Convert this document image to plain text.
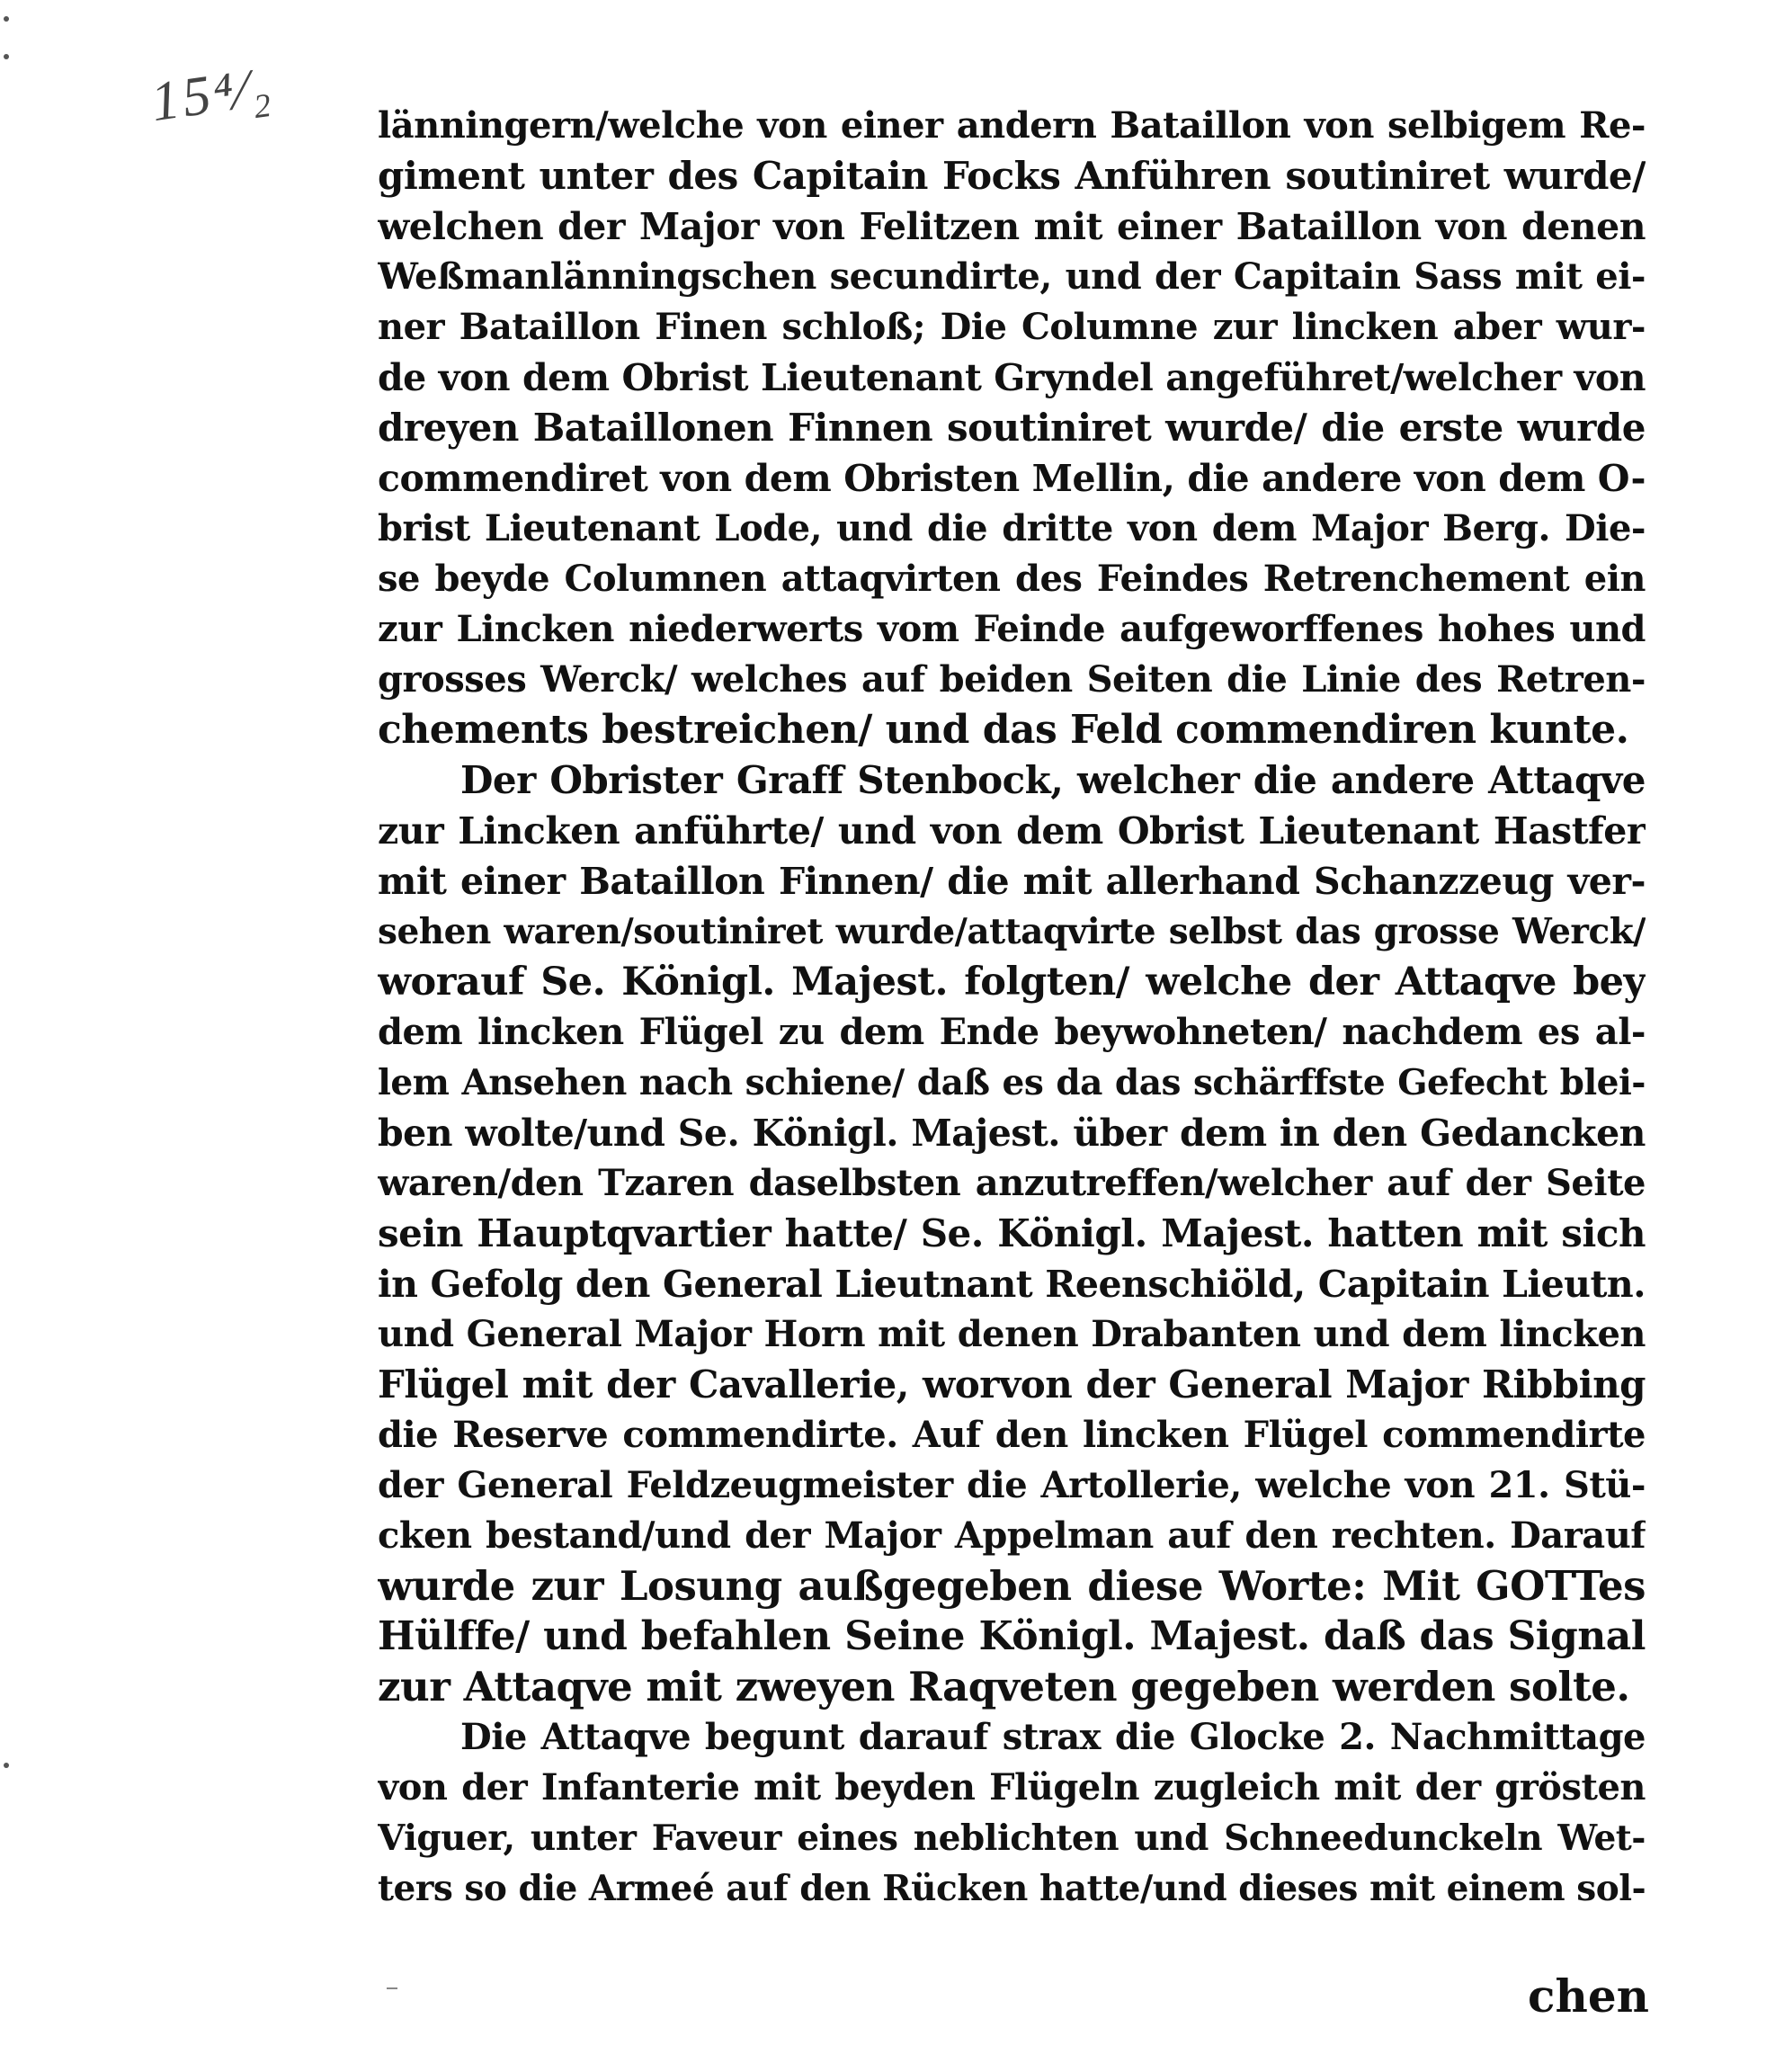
15⁴⁄₂	länningern/welche von einer andern Bataillon von selbigem Re-
giment unter des Capitain Focks Anführen soutiniret wurde/
welchen der Major von Felitzen mit einer Bataillon von denen
Weßmanlänningschen secundirte, und der Capitain Sass mit ei-
ner Bataillon Finen schloß; Die Columne zur lincken aber wur-
de von dem Obrist Lieutenant Gryndel angeführet/welcher von
dreyen Bataillonen Finnen soutiniret wurde/ die erste wurde
commendiret von dem Obristen Mellin, die andere von dem O-
brist Lieutenant Lode, und die dritte von dem Major Berg. Die-
se beyde Columnen attaqvirten des Feindes Retrenchement ein
zur Lincken niederwerts vom Feinde aufgeworffenes hohes und
grosses Werck/ welches auf beiden Seiten die Linie des Retren-
chements bestreichen/ und das Feld commendiren kunte.
Der Obrister Graff Stenbock, welcher die andere Attaqve
zur Lincken anführte/ und von dem Obrist Lieutenant Hastfer
mit einer Bataillon Finnen/ die mit allerhand Schanzzeug ver-
sehen waren/soutiniret wurde/attaqvirte selbst das grosse Werck/
worauf Se. Königl. Majest. folgten/ welche der Attaqve bey
dem lincken Flügel zu dem Ende beywohneten/ nachdem es al-
lem Ansehen nach schiene/ daß es da das schärffste Gefecht blei-
ben wolte/und Se. Königl. Majest. über dem in den Gedancken
waren/den Tzaren daselbsten anzutreffen/welcher auf der Seite
sein Hauptqvartier hatte/ Se. Königl. Majest. hatten mit sich
in Gefolg den General Lieutnant Reenschiöld, Capitain Lieutn.
und General Major Horn mit denen Drabanten und dem lincken
Flügel mit der Cavallerie, worvon der General Major Ribbing
die Reserve commendirte. Auf den lincken Flügel commendirte
der General Feldzeugmeister die Artollerie, welche von 21. Stü-
cken bestand/und der Major Appelman auf den rechten. Darauf
wurde zur Losung außgegeben diese Worte: Mit GOTTes
Hülffe/ und befahlen Seine Königl. Majest. daß das Signal
zur Attaqve mit zweyen Raqveten gegeben werden solte.
Die Attaqve begunt darauf strax die Glocke 2. Nachmittage
von der Infanterie mit beyden Flügeln zugleich mit der grösten
Viguer, unter Faveur eines neblichten und Schneedunckeln Wet-
ters so die Armeé auf den Rücken hatte/und dieses mit einem sol-
chen
